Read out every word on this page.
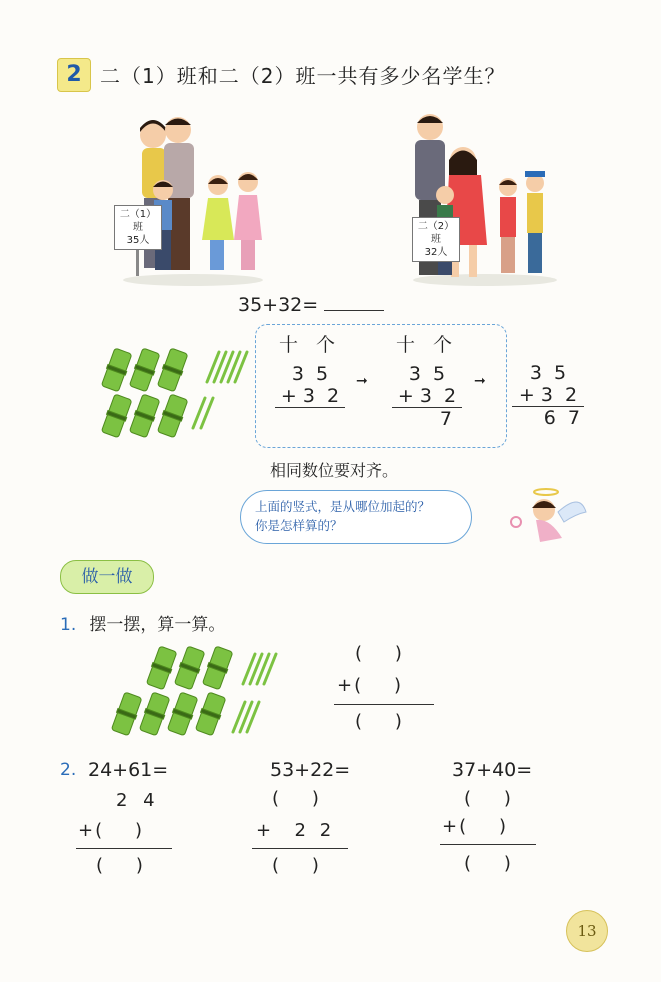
2 二（1）班和二（2）班一共有多少名学生？
二（1）班
35人
二（2）班
32人
35+32=
十 个
3  5
+ 3  2
➞
十 个
3  5
+ 3  2
7
➞	3  5
+ 3  2
6  7
相同数位要对齐。
上面的竖式，是从哪位加起的？
你是怎样算的？
做一做
1. 摆一摆，算一算。
(    )
+(    )
(    )
2. 24+61=
2 4
+(    )
(    )
53+22=
(    )
+  2 2
(    )
37+40=
(    )
+(    )
(    )
13
